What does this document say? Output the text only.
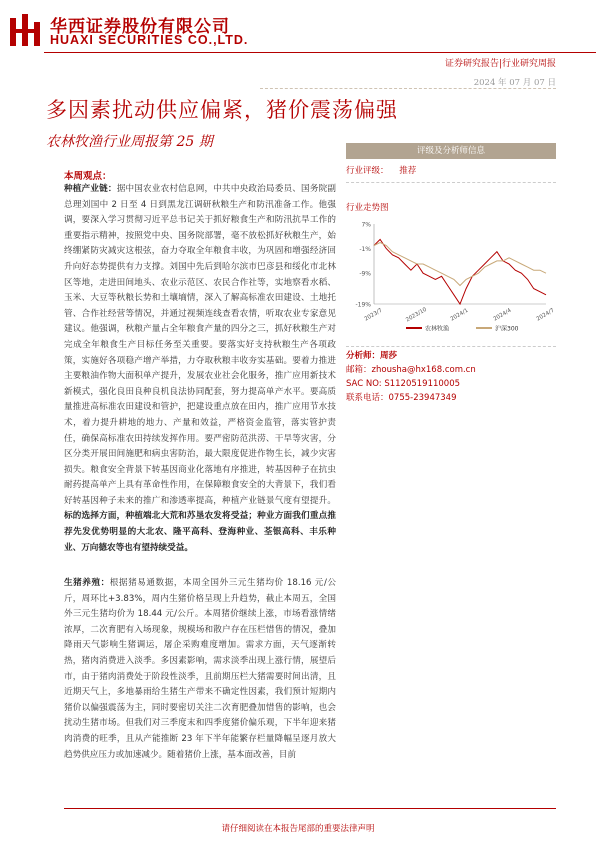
华西证券股份有限公司
HUAXI SECURITIES CO.,LTD.
证券研究报告|行业研究周报
2024 年 07 月 07 日
多因素扰动供应偏紧，猪价震荡偏强
农林牧渔行业周报第 25 期
本周观点：
种植产业链：据中国农业农村信息网，中共中央政治局委员、国务院副总理刘国中 2 日至 4 日到黑龙江调研秋粮生产和防汛准备工作。他强调，要深入学习贯彻习近平总书记关于抓好粮食生产和防汛抗旱工作的重要指示精神，按照党中央、国务院部署，毫不放松抓好秋粮生产，始终绷紧防灾减灾这根弦，奋力夺取全年粮食丰收，为巩固和增强经济回升向好态势提供有力支撑。刘国中先后到哈尔滨市巴彦县和绥化市北林区等地，走进田间地头、农业示范区、农民合作社等，实地察看水稻、玉米、大豆等秋粮长势和土壤墒情，深入了解高标准农田建设、土地托管、合作社经营等情况，并通过视频连线查看农情，听取农业专家意见建议。他强调，秋粮产量占全年粮食产量的四分之三，抓好秋粮生产对完成全年粮食生产目标任务至关重要。要落实好支持秋粮生产各项政策，实施好各项稳产增产举措，力夺取秋粮丰收夯实基础。要着力推进主要粮油作物大面积单产提升，发展农业社会化服务，推广应用新技术新模式，强化良田良种良机良法协同配套，努力提高单产水平。要高质量推进高标准农田建设和管护，把建设重点放在田内，推广应用节水技术，着力提升耕地的地力、产量和效益，严格资金监管，落实管护责任，确保高标准农田持续发挥作用。要严密防范洪涝、干旱等灾害，分区分类开展田间施肥和病虫害防治，最大限度促进作物生长，减少灾害损失。粮食安全背景下转基因商业化落地有序推进，转基因种子在抗虫耐药提高单产上具有革命性作用，在保障粮食安全的大背景下，我们看好转基因种子未来的推广和渗透率提高，种植产业链景气度有望提升。标的选择方面，种植端北大荒和苏垦农发将受益；种业方面我们重点推荐先发优势明显的大北农、隆平高科、登海种业、荃银高科、丰乐种业、万向德农等也有望持续受益。
生猪养殖：根据猪易通数据，本周全国外三元生猪均价 18.16 元/公斤，周环比+3.83%，周内生猪价格呈现上升趋势，截止本周五，全国外三元生猪均价为 18.44 元/公斤。本周猪价继续上涨，市场看涨情绪浓厚，二次育肥有入场现象，规模场和散户存在压栏惜售的情况，叠加降雨天气影响生猪调运，屠企采购难度增加。需求方面，天气逐渐转热，猪肉消费进入淡季。多因素影响，需求淡季出现上涨行情，展望后市，由于猪肉消费处于阶段性淡季，且前期压栏大猪需要时间出清，且近期天气上，多地暴雨给生猪生产带来不确定性因素，我们预计短期内猪价以偏强震荡为主，同时要密切关注二次育肥叠加惜售的影响，也会扰动生猪市场。但我们对三季度末和四季度猪价偏乐观，下半年迎来猪肉消费的旺季，且从产能推断 23 年下半年能繁存栏量降幅呈逐月放大趋势供应压力或加速减少。随着猪价上涨，基本面改善，目前
评级及分析师信息
行业评级： 推荐
行业走势图
7%
-1%
-9%
-19%
2023/7	2023/10	2024/1	2024/4	2024/7
农林牧渔	沪深300
分析师：周莎
邮箱：zhousha@hx168.com.cn
SAC NO: S1120519110005
联系电话：0755-23947349
请仔细阅读在本报告尾部的重要法律声明
